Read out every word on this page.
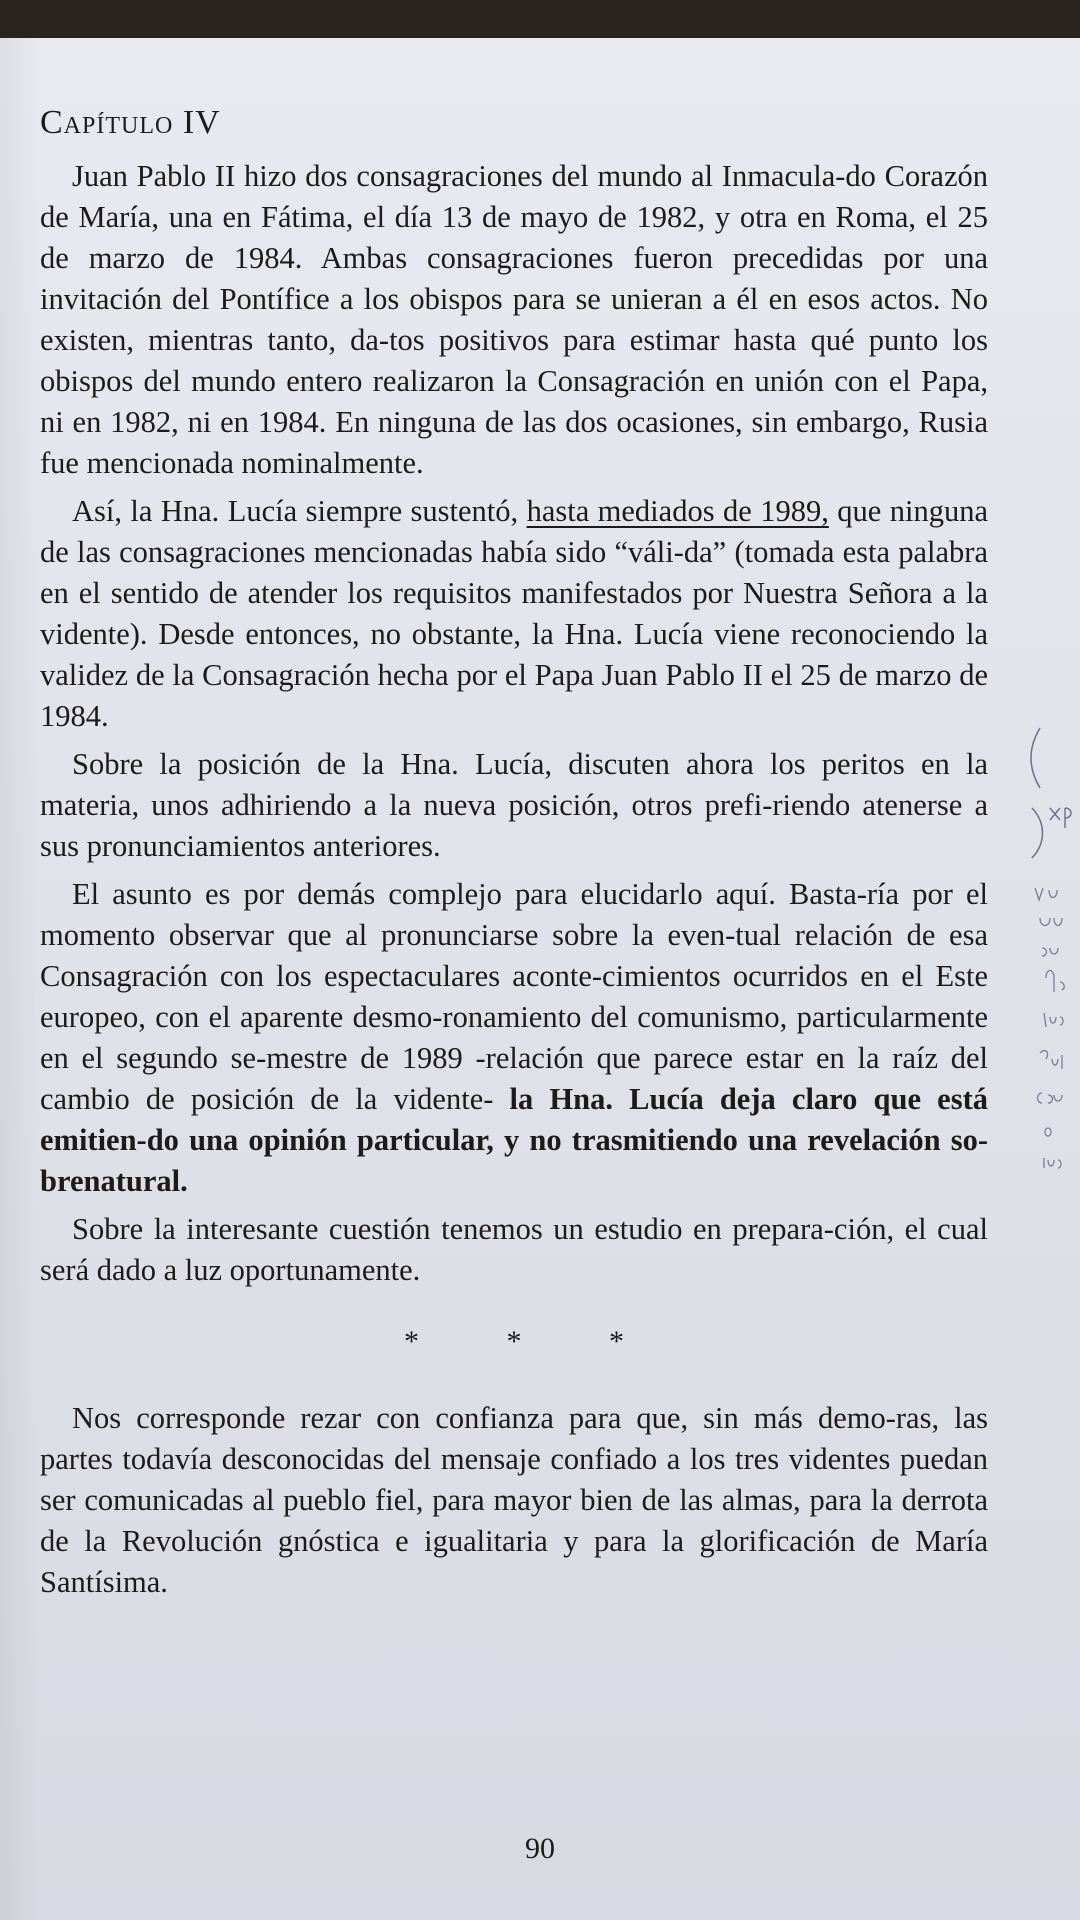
Capítulo IV

Juan Pablo II hizo dos consagraciones del mundo al Inmacula-do Corazón de María, una en Fátima, el día 13 de mayo de 1982, y otra en Roma, el 25 de marzo de 1984. Ambas consagraciones fueron precedidas por una invitación del Pontífice a los obispos para se unieran a él en esos actos. No existen, mientras tanto, da-tos positivos para estimar hasta qué punto los obispos del mundo entero realizaron la Consagración en unión con el Papa, ni en 1982, ni en 1984. En ninguna de las dos ocasiones, sin embargo, Rusia fue mencionada nominalmente.

Así, la Hna. Lucía siempre sustentó, hasta mediados de 1989, que ninguna de las consagraciones mencionadas había sido “váli-da” (tomada esta palabra en el sentido de atender los requisitos manifestados por Nuestra Señora a la vidente). Desde entonces, no obstante, la Hna. Lucía viene reconociendo la validez de la Consagración hecha por el Papa Juan Pablo II el 25 de marzo de 1984.

Sobre la posición de la Hna. Lucía, discuten ahora los peritos en la materia, unos adhiriendo a la nueva posición, otros prefi-riendo atenerse a sus pronunciamientos anteriores.

El asunto es por demás complejo para elucidarlo aquí. Basta-ría por el momento observar que al pronunciarse sobre la even-tual relación de esa Consagración con los espectaculares aconte-cimientos ocurridos en el Este europeo, con el aparente desmo-ronamiento del comunismo, particularmente en el segundo se-mestre de 1989 -relación que parece estar en la raíz del cambio de posición de la vidente- la Hna. Lucía deja claro que está emitien-do una opinión particular, y no trasmitiendo una revelación so-brenatural.

Sobre la interesante cuestión tenemos un estudio en prepara-ción, el cual será dado a luz oportunamente.

* * *

Nos corresponde rezar con confianza para que, sin más demo-ras, las partes todavía desconocidas del mensaje confiado a los tres videntes puedan ser comunicadas al pueblo fiel, para mayor bien de las almas, para la derrota de la Revolución gnóstica e igualitaria y para la glorificación de María Santísima.

90
